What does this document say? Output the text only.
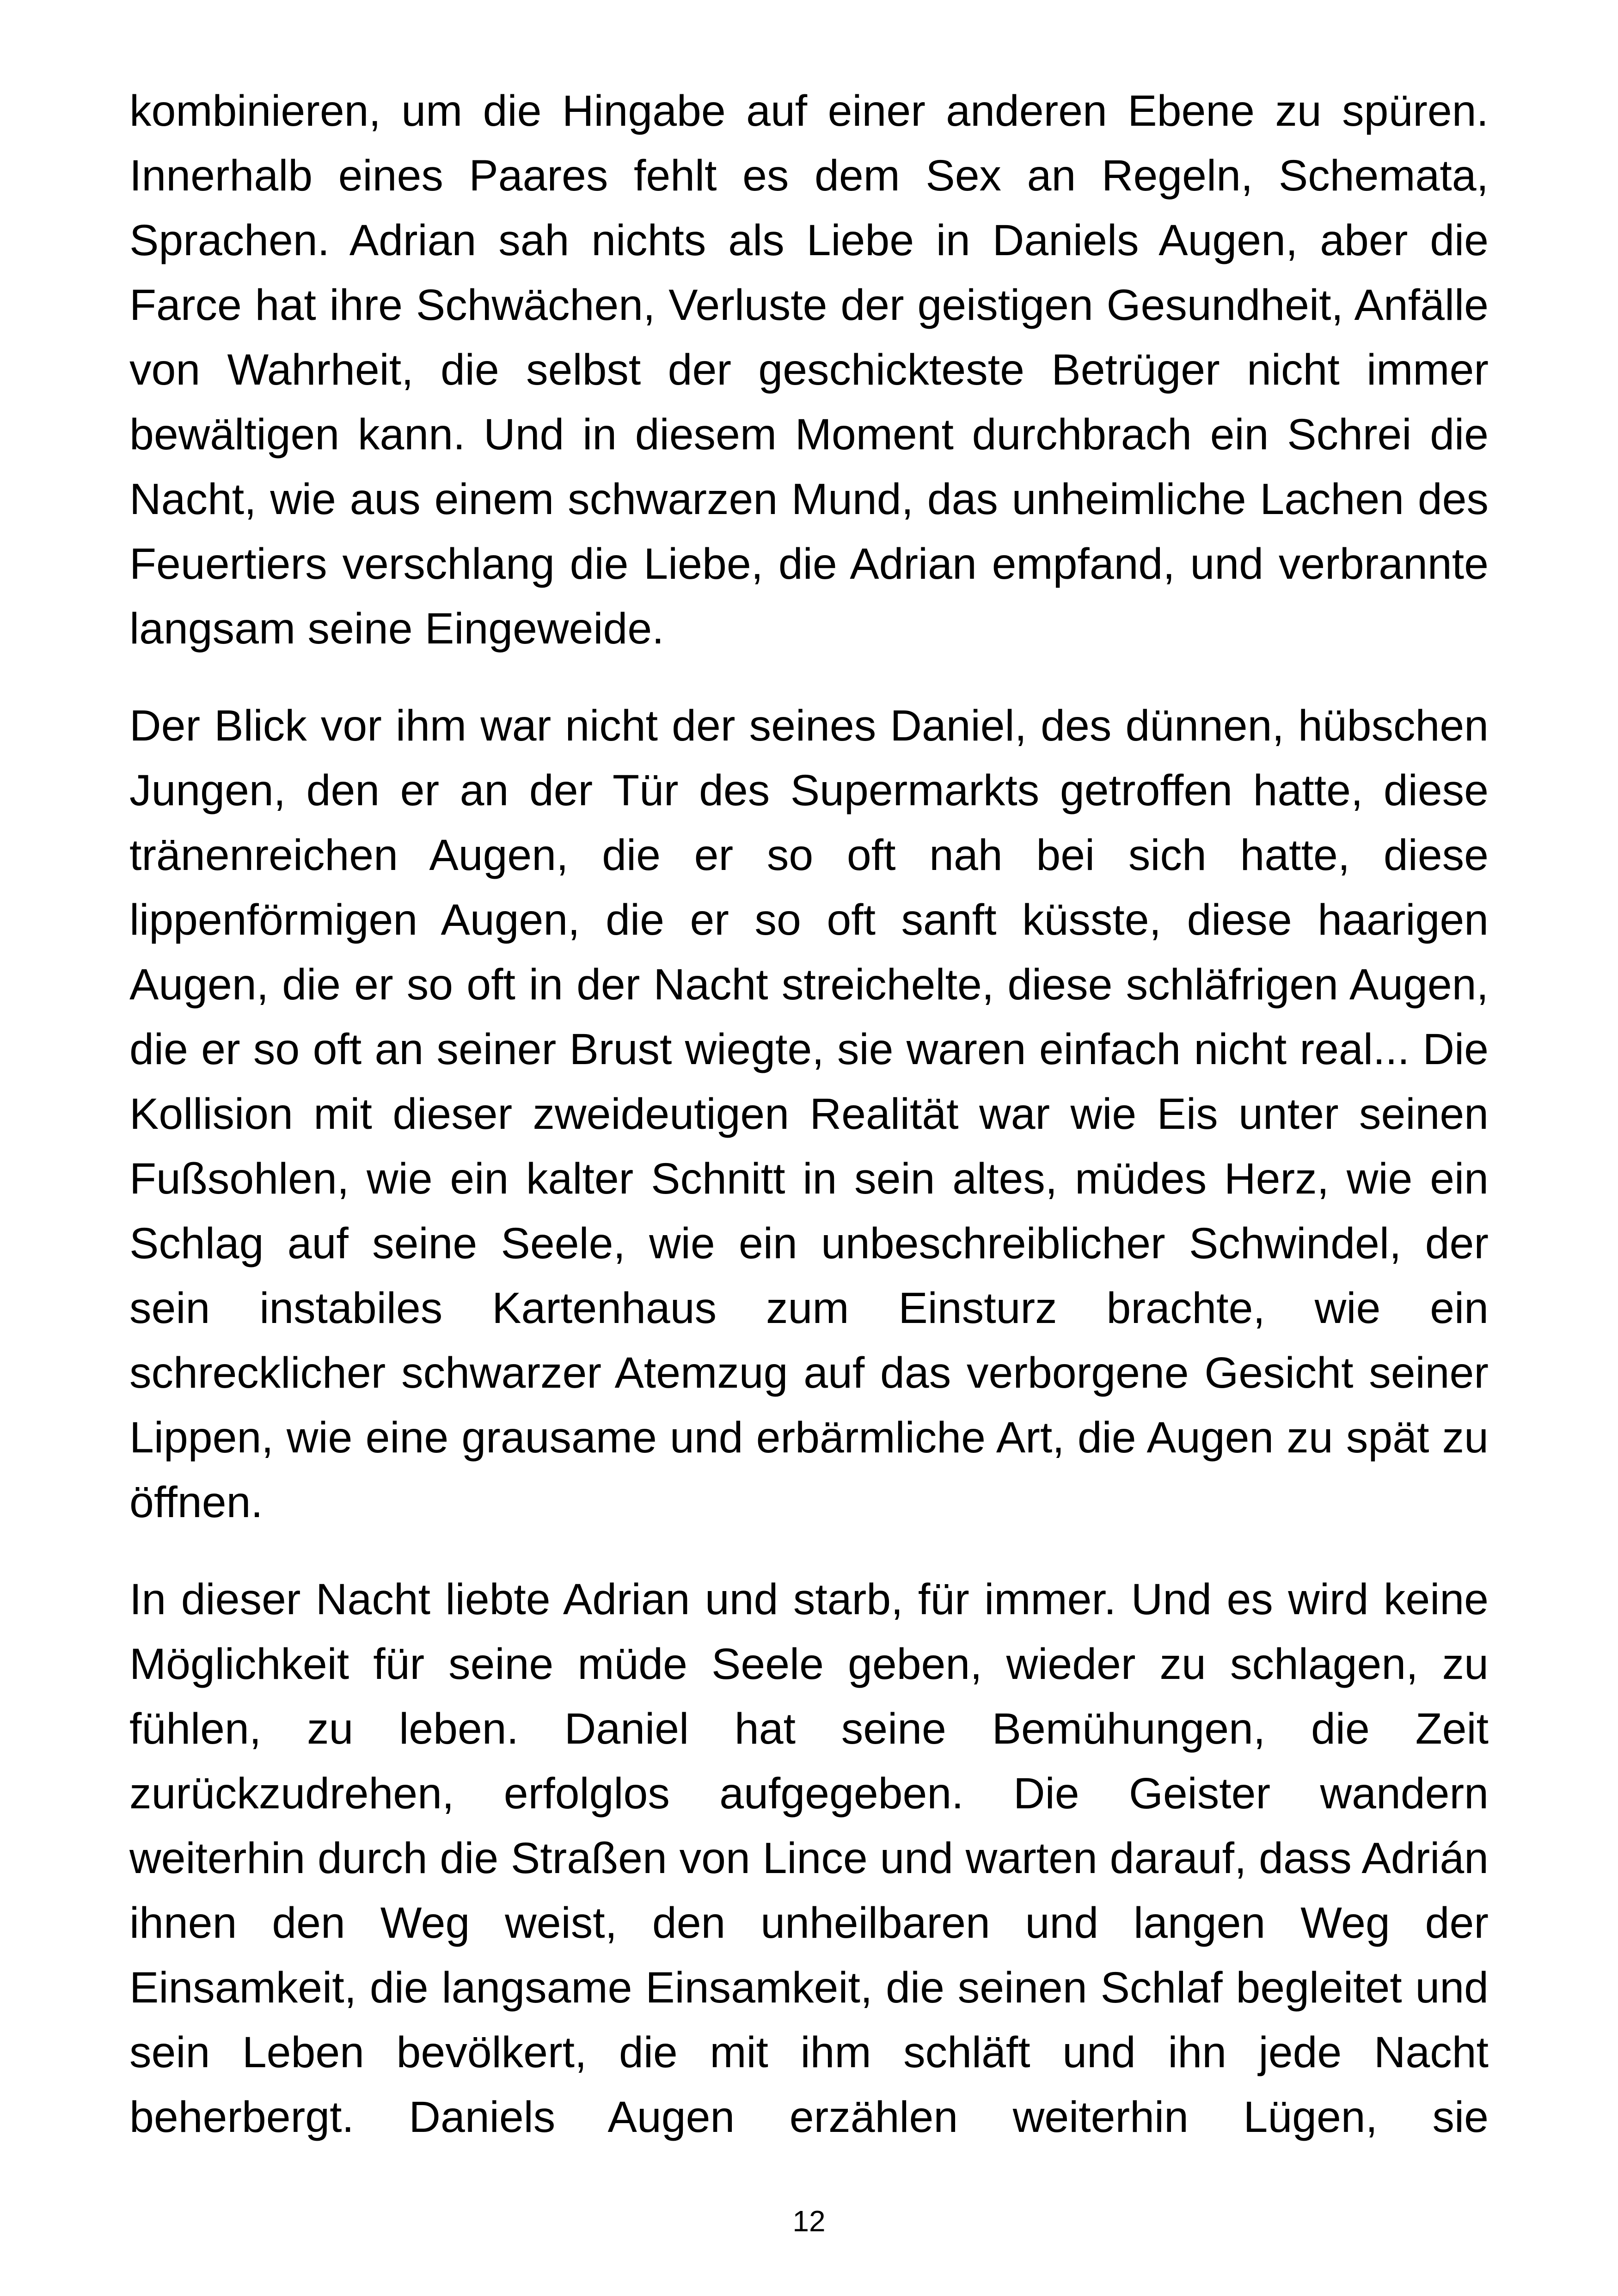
kombinieren, um die Hingabe auf einer anderen Ebene zu spüren. Innerhalb eines Paares fehlt es dem Sex an Regeln, Schemata, Sprachen. Adrian sah nichts als Liebe in Daniels Augen, aber die Farce hat ihre Schwächen, Verluste der geistigen Gesundheit, Anfälle von Wahrheit, die selbst der geschickteste Betrüger nicht immer bewältigen kann. Und in diesem Moment durchbrach ein Schrei die Nacht, wie aus einem schwarzen Mund, das unheimliche Lachen des Feuertiers verschlang die Liebe, die Adrian empfand, und verbrannte langsam seine Eingeweide.

Der Blick vor ihm war nicht der seines Daniel, des dünnen, hübschen Jungen, den er an der Tür des Supermarkts getroffen hatte, diese tränenreichen Augen, die er so oft nah bei sich hatte, diese lippenförmigen Augen, die er so oft sanft küsste, diese haarigen Augen, die er so oft in der Nacht streichelte, diese schläfrigen Augen, die er so oft an seiner Brust wiegte, sie waren einfach nicht real... Die Kollision mit dieser zweideutigen Realität war wie Eis unter seinen Fußsohlen, wie ein kalter Schnitt in sein altes, müdes Herz, wie ein Schlag auf seine Seele, wie ein unbeschreiblicher Schwindel, der sein instabiles Kartenhaus zum Einsturz brachte, wie ein schrecklicher schwarzer Atemzug auf das verborgene Gesicht seiner Lippen, wie eine grausame und erbärmliche Art, die Augen zu spät zu öffnen.

In dieser Nacht liebte Adrian und starb, für immer. Und es wird keine Möglichkeit für seine müde Seele geben, wieder zu schlagen, zu fühlen, zu leben. Daniel hat seine Bemühungen, die Zeit zurückzudrehen, erfolglos aufgegeben. Die Geister wandern weiterhin durch die Straßen von Lince und warten darauf, dass Adrián ihnen den Weg weist, den unheilbaren und langen Weg der Einsamkeit, die langsame Einsamkeit, die seinen Schlaf begleitet und sein Leben bevölkert, die mit ihm schläft und ihn jede Nacht beherbergt. Daniels Augen erzählen weiterhin Lügen, sie

12
